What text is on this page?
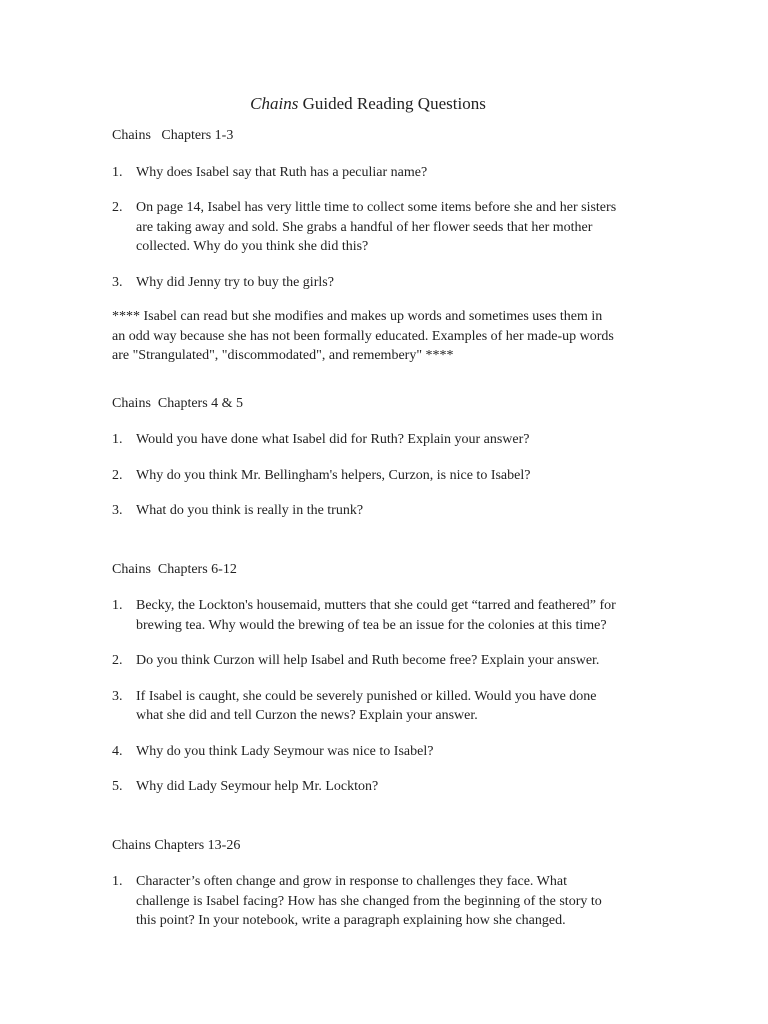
Chains Guided Reading Questions

Chains   Chapters 1-3

1. Why does Isabel say that Ruth has a peculiar name?
2. On page 14, Isabel has very little time to collect some items before she and her sisters are taking away and sold. She grabs a handful of her flower seeds that her mother collected. Why do you think she did this?
3. Why did Jenny try to buy the girls?

**** Isabel can read but she modifies and makes up words and sometimes uses them in an odd way because she has not been formally educated. Examples of her made-up words are "Strangulated", "discommodated", and rememberу" ****

Chains  Chapters 4 & 5

1. Would you have done what Isabel did for Ruth? Explain your answer?
2. Why do you think Mr. Bellingham's helpers, Curzon, is nice to Isabel?
3. What do you think is really in the trunk?

Chains  Chapters 6-12

1. Becky, the Lockton's housemaid, mutters that she could get “tarred and feathered” for brewing tea. Why would the brewing of tea be an issue for the colonies at this time?
2. Do you think Curzon will help Isabel and Ruth become free? Explain your answer.
3. If Isabel is caught, she could be severely punished or killed. Would you have done what she did and tell Curzon the news? Explain your answer.
4. Why do you think Lady Seymour was nice to Isabel?
5. Why did Lady Seymour help Mr. Lockton?

Chains Chapters 13-26

1. Character’s often change and grow in response to challenges they face. What challenge is Isabel facing? How has she changed from the beginning of the story to this point? In your notebook, write a paragraph explaining how she changed.
